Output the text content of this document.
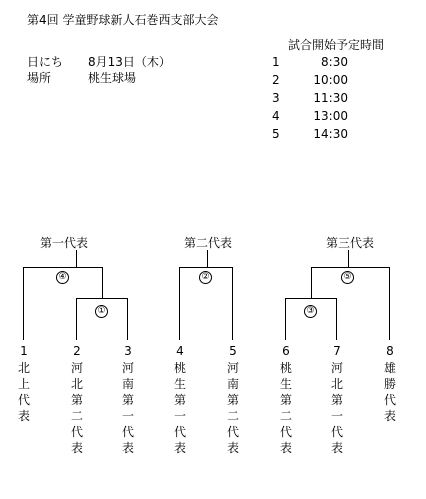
第4回 学童野球新人石巻西支部大会
日にち 8月13日（木）
場所	桃生球場
試合開始予定時間
1	8:30
2	10:00
3	11:30
4	13:00
5	14:30
第一代表	第二代表	第三代表
④
①
②
③
⑤
1	2	3	4	5	6	7	8
北
上
代
表
河
北
第
二
代
表
河
南
第
一
代
表
桃
生
第
一
代
表
河
南
第
二
代
表
桃
生
第
二
代
表
河
北
第
一
代
表
雄
勝
代
表
